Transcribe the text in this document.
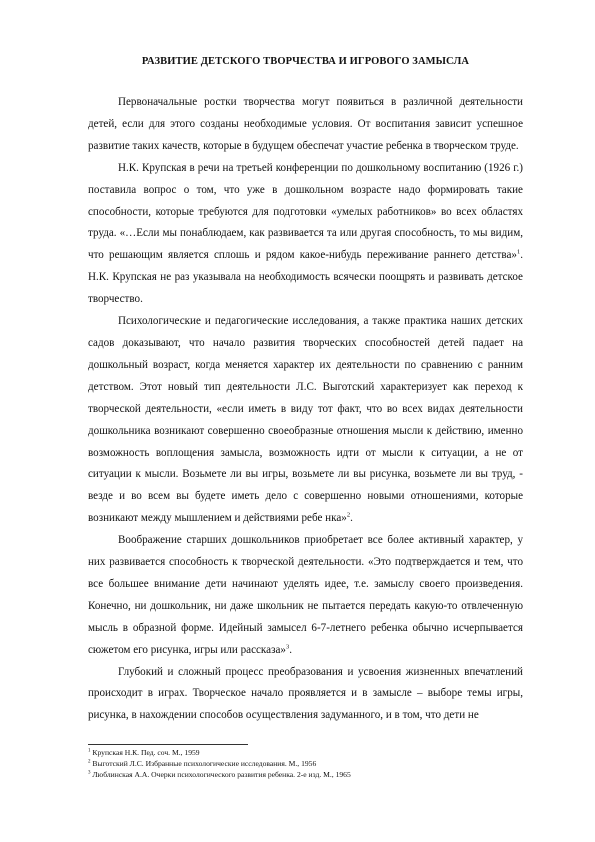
РАЗВИТИЕ ДЕТСКОГО ТВОРЧЕСТВА И ИГРОВОГО ЗАМЫСЛА

Первоначальные ростки творчества могут появиться в различной деятельности детей, если для этого созданы необходимые условия. От воспитания зависит успешное развитие таких качеств, которые в будущем обеспечат участие ребенка в творческом труде.

Н.К. Крупская в речи на третьей конференции по дошкольному воспитанию (1926 г.) поставила вопрос о том, что уже в дошкольном возрасте надо формировать такие способности, которые требуются для подготовки «умелых работников» во всех областях труда. «…Если мы понаблюдаем, как развивается та или другая способность, то мы видим, что решающим является сплошь и рядом какое-нибудь переживание раннего детства»$^1$. Н.К. Крупская не раз указывала на необходимость всячески поощрять и развивать детское творчество.

Психологические и педагогические исследования, а также практика наших детских садов доказывают, что начало развития творческих способностей детей падает на дошкольный возраст, когда меняется характер их деятельности по сравнению с ранним детством. Этот новый тип деятельности Л.С. Выготский характеризует как переход к творческой деятельности, «если иметь в виду тот факт, что во всех видах деятельности дошкольника возникают совершенно своеобразные отношения мысли к действию, именно возможность воплощения замысла, возможность идти от мысли к ситуации, а не от ситуации к мысли. Возьмете ли вы игры, возьмете ли вы рисунка, возьмете ли вы труд, - везде и во всем вы будете иметь дело с совершенно новыми отношениями, которые возникают между мышлением и действиями ребе нка»$^2$.

Воображение старших дошкольников приобретает все более активный характер, у них развивается способность к творческой деятельности. «Это подтверждается и тем, что все большее внимание дети начинают уделять идее, т.е. замыслу своего произведения. Конечно, ни дошкольник, ни даже школьник не пытается передать какую-то отвлеченную мысль в образной форме. Идейный замысел 6-7-летнего ребенка обычно исчерпывается сюжетом его рисунка, игры или рассказа»$^3$.

Глубокий и сложный процесс преобразования и усвоения жизненных впечатлений происходит в играх. Творческое начало проявляется и в замысле – выборе темы игры, рисунка, в нахождении способов осуществления задуманного, и в том, что дети не

$^1$ Крупская Н.К. Пед. соч. М., 1959
$^2$ Выготский Л.С. Избранные психологические исследования. М., 1956
$^3$ Люблинская А.А. Очерки психологического развития ребенка. 2-е изд. М., 1965
